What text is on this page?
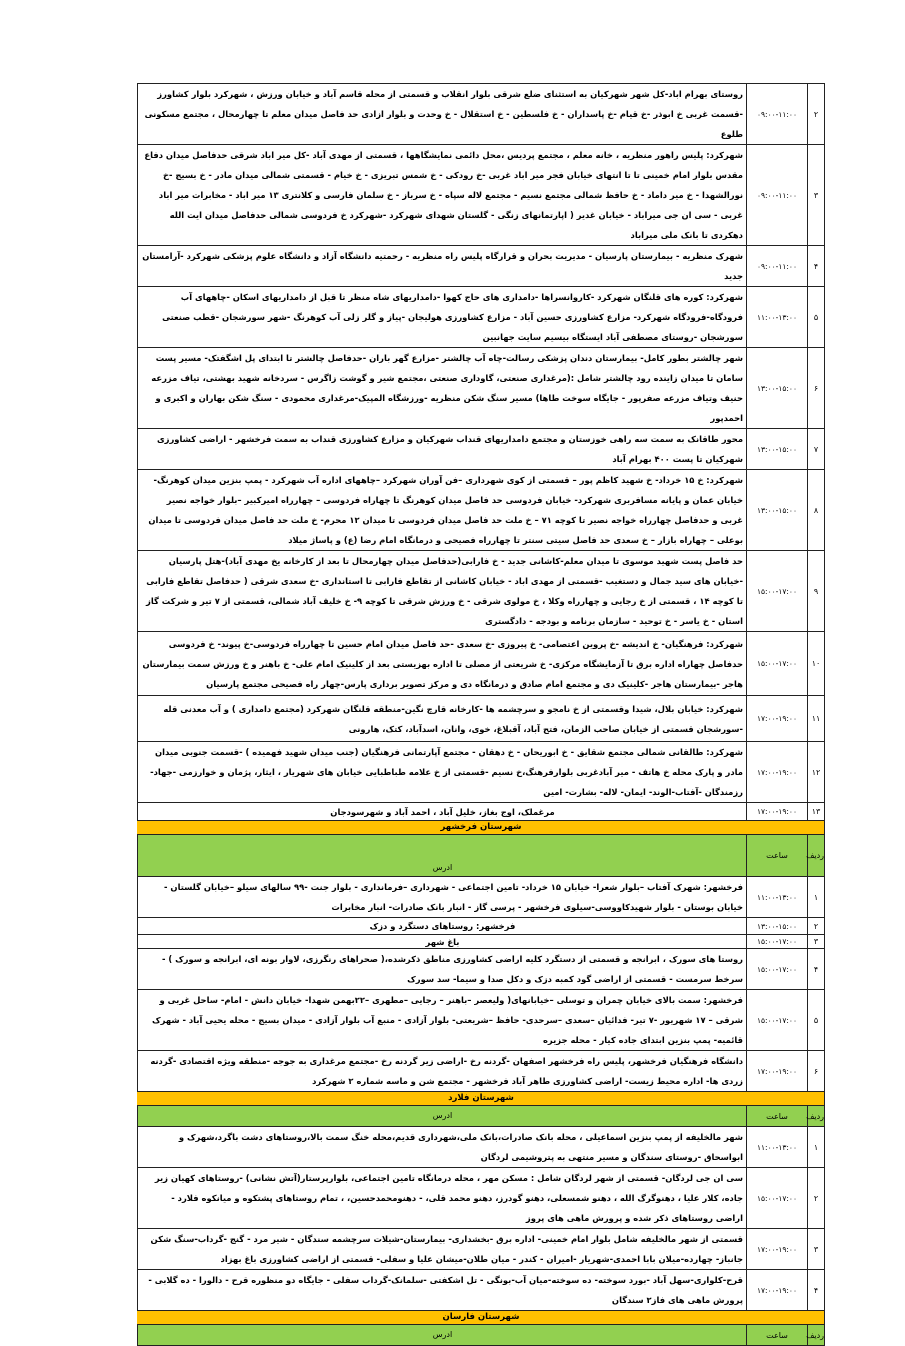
۲	۰۹:۰۰-۱۱:۰۰	روستای بهرام اباد-کل شهر شهرکیان به استثنای ضلع شرقی بلوار انقلاب و قسمتی از محله قاسم آباد و خیابان ورزش ، شهرکرد بلوار کشاورز -قسمت غربی خ ابوذر -خ قیام -خ پاسداران - خ فلسطین - خ استقلال - خ وحدت و بلوار ازادی حد فاصل میدان معلم تا چهارمحال ، مجتمع مسکونی طلوع
۳	۰۹:۰۰-۱۱:۰۰	شهرکرد: پلیس راهور منظریه ، خانه معلم ، مجتمع پردیس ،محل دائمی نمایشگاهها ، قسمتی از مهدی آباد -کل میر اباد شرقی حدفاصل میدان دفاع مقدس بلوار امام خمینی تا تا انتهای خیابان فجر میر اباد غربی -خ رودکی - خ شمس تبریزی - خ خیام - قسمتی شمالی میدان مادر - خ بسیج -خ نورالشهدا - خ میر داماد - خ حافظ شمالی مجتمع نسیم - مجتمع لاله سپاه - خ سرباز - خ سلمان فارسی و کلانتری ۱۳ میر اباد - مخابرات میر اباد غربی - سی ان جی میراباد - خیابان غدیر ( اپارتمانهای زنگی - گلستان شهدای شهرکرد -شهرکرد خ فردوسی شمالی حدفاصل میدان ایت الله دهکردی تا بانک ملی میراباد
۴	۰۹:۰۰-۱۱:۰۰	شهرک منظریه - بیمارستان پارسیان - مدیریت بحران و قرارگاه پلیس راه منظریه - رحمتیه دانشگاه آزاد و دانشگاه علوم پزشکی شهرکرد -آرامستان جدید
۵	۱۱:۰۰-۱۳:۰۰	شهرکرد: کوره های قلنگان شهرکرد -کاروانسراها -دامداری های حاج کهوا -دامداریهای شاه منظر تا قبل از دامداریهای اسکان -چاههای آب فرودگاه-فرودگاه شهرکرد- مزارع کشاورزی حسین آباد - مزارع کشاورزی هولیجان -پیاز و گلر زلی آب کوهرنگ -شهر سورشجان -قطب صنعتی سورشجان -روستای مصطفی آباد ایستگاه بیسیم سایت جهانبین
۶	۱۳:۰۰-۱۵:۰۰	شهر چالشتر بطور کامل- بیمارستان دندان پزشکی رسالت-چاه آب چالشتر -مزارع گهر باران -حدفاصل چالشتر تا ابتدای پل اشگفتک- مسیر پست سامان تا میدان زاینده رود چالشتر شامل :(مرغداری صنعتی، گاوداری صنعتی ،مجتمع شیر و گوشت زاگرس - سردخانه شهید بهشتی، تیاف مزرعه حنیف وتیاف مزرعه صفرپور - جایگاه سوخت طاها) مسیر سنگ شکن منظریه -ورزشگاه المپیک-مرغداری محمودی - سنگ شکن بهاران و اکبری و احمدپور
۷	۱۳:۰۰-۱۵:۰۰	محور طاقانک به سمت سه راهی خوزستان و مجتمع دامداریهای قنداب شهرکیان و مزارع کشاورزی قنداب به سمت فرخشهر - اراضی کشاورزی شهرکیان تا پست ۴۰۰ بهرام آباد
۸	۱۳:۰۰-۱۵:۰۰	شهرکرد: خ ۱۵ خرداد- خ شهید کاظم پور – قسمتی از کوی شهرداری –فن آوران شهرکرد –چاههای اداره آب شهرکرد - پمپ بنزین میدان کوهرنگ-خیابان عمان و پایانه مسافربری شهرکرد- خیابان فردوسی حد فاصل میدان کوهرنگ تا چهاراه فردوسی – چهارراه امیرکبیر –بلوار خواجه نصیر غربی و حدفاصل چهارراه خواجه نصیر تا کوچه ۷۱ – خ ملت حد فاصل میدان فردوسی تا میدان ۱۲ محرم- خ ملت حد فاصل میدان فردوسی تا میدان بوعلی – چهاراه بازار – خ سعدی حد فاصل سیتی سنتر تا چهارراه فصیحی و درمانگاه امام رضا (ع) و پاساژ میلاد
۹	۱۵:۰۰-۱۷:۰۰	حد فاصل پست شهید موسوی تا میدان معلم-کاشانی جدید - خ فارابی(حدفاصل میدان چهارمحال تا بعد از کارخانه یخ مهدی آباد)-هتل پارسیان -خیابان های سید جمال و دستغیب -قسمتی از مهدی اباد - خیابان کاشانی از تقاطع فارابی تا استانداری -خ سعدی شرقی ( حدفاصل تقاطع فارابی تا کوچه ۱۴ ، قسمتی از خ رجایی و چهارراه وکلا ، خ مولوی شرقی - خ ورزش شرقی تا کوچه ۹- خ خلیف آباد شمالی، قسمتی از ۷ تیر و شرکت گاز استان - خ یاسر - خ توحید - سازمان برنامه و بودجه - دادگستری
۱۰	۱۵:۰۰-۱۷:۰۰	شهرکرد: فرهنگیان- خ اندیشه -خ پروین اعتصامی- خ پیروزی -خ سعدی -حد فاصل میدان امام حسین تا چهارراه فردوسی-خ پیوند- خ فردوسی حدفاصل چهاراه اداره برق تا آزمایشگاه مرکزی- خ شریعتی از مصلی تا اداره بهزیستی بعد از کلینیک امام علی- خ باهنر و خ ورزش سمت بیمارستان هاجر -بیمارستان هاجر -کلینیک دی و مجتمع امام صادق و درمانگاه دی و مرکز تصویر برداری پارس-چهار راه فصیحی مجتمع پارسیان
۱۱	۱۷:۰۰-۱۹:۰۰	شهرکرد: خیابان بلال، شیدا وقسمتی از خ نامجو و سرچشمه ها -کارخانه قارچ نگین-منطقه قلنگان شهرکرد (مجتمع دامداری ) و آب معدنی قله -سورشجان قسمتی از خیابان صاحب الزمان، فتح آباد، آقبلاغ، خوی، وانان، اسدآباد، کتک، هارونی
۱۲	۱۷:۰۰-۱۹:۰۰	شهرکرد: طالقانی شمالی مجتمع شقایق - خ ابوریحان - خ دهقان - مجتمع آپارتمانی فرهنگیان (جنب میدان شهید فهمیده ) -قسمت جنوبی میدان مادر و پارک محله خ هاتف - میر آبادغربی بلوارفرهنگ،خ نسیم -قسمتی از خ علامه طباطبایی خیابان های شهریار ، ایثار، پژمان و خوارزمی -جهاد- رزمندگان -آفتاب-الوند- ایمان- لاله- بشارت- امین
۱۳	۱۷:۰۰-۱۹:۰۰	مرغملک، اوج بغاز، خلیل آباد ، احمد آباد و شهرسودجان
شهرستان فرخشهر		
ردیف	ساعت	ادرس
۱	۱۱:۰۰-۱۳:۰۰	فرخشهر: شهرک آفتاب –بلوار شعرا- خیابان ۱۵ خرداد- تامین اجتماعی - شهرداری –فرمانداری - بلوار جنت -۹۹ سالهای سیلو –خیابان گلستان - خیابان بوستان - بلوار شهیدکاووسی-سیلوی فرخشهر - پرسی گاز - انبار بانک صادرات- انبار مخابرات
۲	۱۳:۰۰-۱۵:۰۰	فرخشهر: روستاهای دستگرد و دزک
۳	۱۵:۰۰-۱۷:۰۰	باغ شهر
۴	۱۵:۰۰-۱۷:۰۰	روستا های سورک ، ابرانجه و قسمتی از دستگرد کلیه اراضی کشاورزی مناطق ذکرشده،( صحراهای رنگرزی، لاوار بونه ای، ابرانجه و سورک ) - سرخط سرمست - قسمتی از اراضی گود کمبه دزک و دکل صدا و سیما- سد سورک
۵	۱۵:۰۰-۱۷:۰۰	فرخشهر: سمت بالای خیابان چمران و توسلی –خیابانهای( ولیعصر –باهنر – رجایی –مطهری –۲۲بهمن شهدا- خیابان دانش - امام- ساحل غربی و شرقی – ۱۷ شهریور -۷ تیر- فدائیان –سعدی –سرحدی- حافظ –شریعتی- بلوار آزادی - منبع آب بلوار آزادی - میدان بسیج - محله یحیی آباد - شهرک قائمیه- پمپ بنزین ابتدای جاده کیار - محله جزیره
۶	۱۷:۰۰-۱۹:۰۰	دانشگاه فرهنگیان فرخشهر، پلیس راه فرخشهر اصفهان -گردنه رخ -اراضی زیر گردنه رخ -مجتمع مرغداری به جوجه -منطقه ویژه اقتصادی -گردنه زردی ها- اداره محیط زیست- اراضی کشاورزی طاهر آباد فرخشهر - مجتمع شن و ماسه شماره ۲ شهرکرد
شهرستان فلارد		
ردیف	ساعت	ادرس
۱	۱۱:۰۰-۱۳:۰۰	شهر مالخلیفه از پمپ بنزین اسماعیلی ، محله بانک صادرات،بانک ملی،شهرداری قدیم،محله خنگ سمت بالا،روستاهای دشت باگرد،شهرک و ابواسحاق -روستای سندگان و مسیر منتهی به پتروشیمی لردگان
۲	۱۵:۰۰-۱۷:۰۰	سی ان جی لردگان- قسمتی از شهر لردگان شامل : مسکن مهر ، محله درمانگاه تامین اجتماعی، بلوارپرستار(آتش نشانی) -روستاهای کهیان زیر جاده، کلار علیا ، دهنوگرگ الله ، دهنو شمسعلی، دهنو گودرز، دهنو محمد قلی، - دهنومحمدحسین، ، تمام روستاهای پشتکوه و میانکوه فلارد - اراضی روستاهای ذکر شده و پرورش ماهی های پروز
۳	۱۷:۰۰-۱۹:۰۰	قسمتی از شهر مالخلیفه شامل بلوار امام خمینی- اداره برق -بخشداری- بیمارستان-شیلات سرچشمه سندگان - شیر مرد - گنج -گرداب-سنگ شکن جانباز- چهارده-میلان بابا احمدی-شهریار -امیران - کندر - میان طلان-میشان علیا و سفلی- قسمتی از اراضی کشاورزی باغ بهزاد
۴	۱۷:۰۰-۱۹:۰۰	قرح-کلواری-سهل آباد -بورد سوخته- ده سوخته-میان آب-بونگی - تل اشکفتی -سلمانک-گرداب سفلی - جایگاه دو منظوره قرح - دالورا - ده گلابی - پرورش ماهی های فاز۲ سندگان
شهرستان فارسان		
ردیف	ساعت	ادرس
